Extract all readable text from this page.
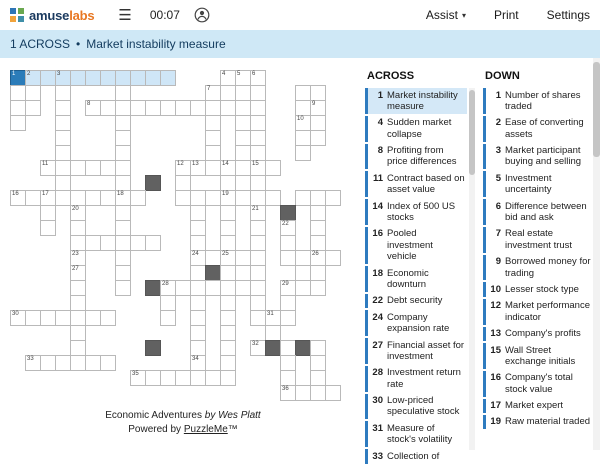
amuselabs ☰ 00:07	Assist ▾ Print Settings
1 ACROSS • Market instability measure
1 2	3	4 5 6
7
8	9
10
11	12 13	14	15
16	17	18	19
20	21
22
23	24	25	26
27
28	29
30	31
32
33	34
35
36
Economic Adventures by Wes Platt
Powered by PuzzleMe™
ACROSS
1 Market instability measure
4 Sudden market collapse
8 Profiting from price differences
11 Contract based on asset value
14 Index of 500 US stocks
16 Pooled investment vehicle
18 Economic downturn
22 Debt security
24 Company expansion rate
27 Financial asset for investment
28 Investment return rate
30 Low-priced speculative stock
31 Measure of stock's volatility
33 Collection of
DOWN
1 Number of shares traded
2 Ease of converting assets
3 Market participant buying and selling
5 Investment uncertainty
6 Difference between bid and ask
7 Real estate investment trust
9 Borrowed money for trading
10 Lesser stock type
12 Market performance indicator
13 Company's profits
15 Wall Street exchange initials
16 Company's total stock value
17 Market expert
19 Raw material traded
